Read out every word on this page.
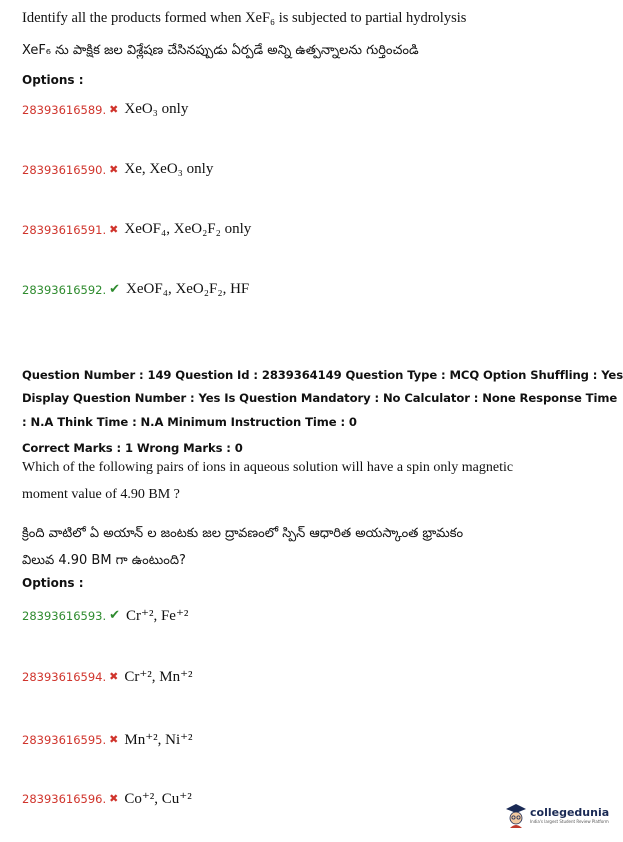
Identify all the products formed when XeF₆ is subjected to partial hydrolysis
XeF₆ ను పాక్షిక జల విశ్లేషణ చేసినప్పుడు ఏర్పడే అన్ని ఉత్పన్నాలను గుర్తించండి
Options :
28393616589. ✖ XeO₃ only
28393616590. ✖ Xe, XeO₃ only
28393616591. ✖ XeOF₄, XeO₂F₂ only
28393616592. ✔ XeOF₄, XeO₂F₂, HF
Question Number : 149 Question Id : 2839364149 Question Type : MCQ Option Shuffling : Yes
Display Question Number : Yes Is Question Mandatory : No Calculator : None Response Time
: N.A Think Time : N.A Minimum Instruction Time : 0
Correct Marks : 1 Wrong Marks : 0
Which of the following pairs of ions in aqueous solution will have a spin only magnetic
moment value of 4.90 BM ?
క్రింది వాటిలో ఏ అయాన్ ల జంటకు జల ద్రావణంలో స్పిన్ ఆధారిత అయస్కాంత భ్రామకం
విలువ 4.90 BM గా ఉంటుంది?
Options :
28393616593. ✔ Cr⁺², Fe⁺²
28393616594. ✖ Cr⁺², Mn⁺²
28393616595. ✖ Mn⁺², Ni⁺²
28393616596. ✖ Co⁺², Cu⁺²
collegedunia
India's largest Student Review Platform
